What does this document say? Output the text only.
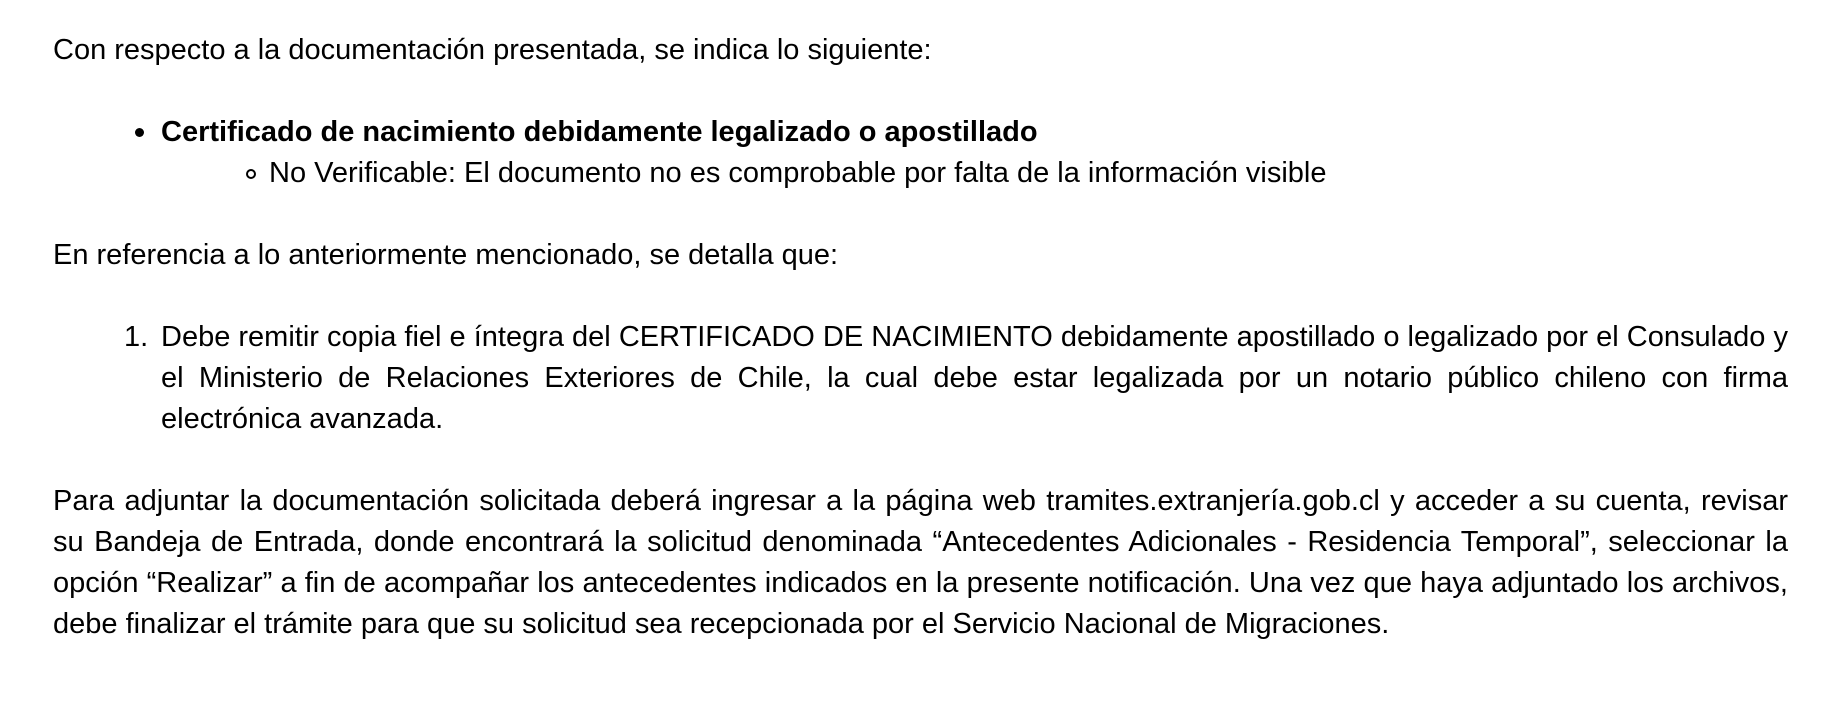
Con respecto a la documentación presentada, se indica lo siguiente:

Certificado de nacimiento debidamente legalizado o apostillado
No Verificable: El documento no es comprobable por falta de la información visible

En referencia a lo anteriormente mencionado, se detalla que:

1. Debe remitir copia fiel e íntegra del CERTIFICADO DE NACIMIENTO debidamente apostillado o legalizado por el Consulado y el Ministerio de Relaciones Exteriores de Chile, la cual debe estar legalizada por un notario público chileno con firma electrónica avanzada.

Para adjuntar la documentación solicitada deberá ingresar a la página web tramites.extranjería.gob.cl y acceder a su cuenta, revisar su Bandeja de Entrada, donde encontrará la solicitud denominada “Antecedentes Adicionales - Residencia Temporal”, seleccionar la opción “Realizar” a fin de acompañar los antecedentes indicados en la presente notificación. Una vez que haya adjuntado los archivos, debe finalizar el trámite para que su solicitud sea recepcionada por el Servicio Nacional de Migraciones.
